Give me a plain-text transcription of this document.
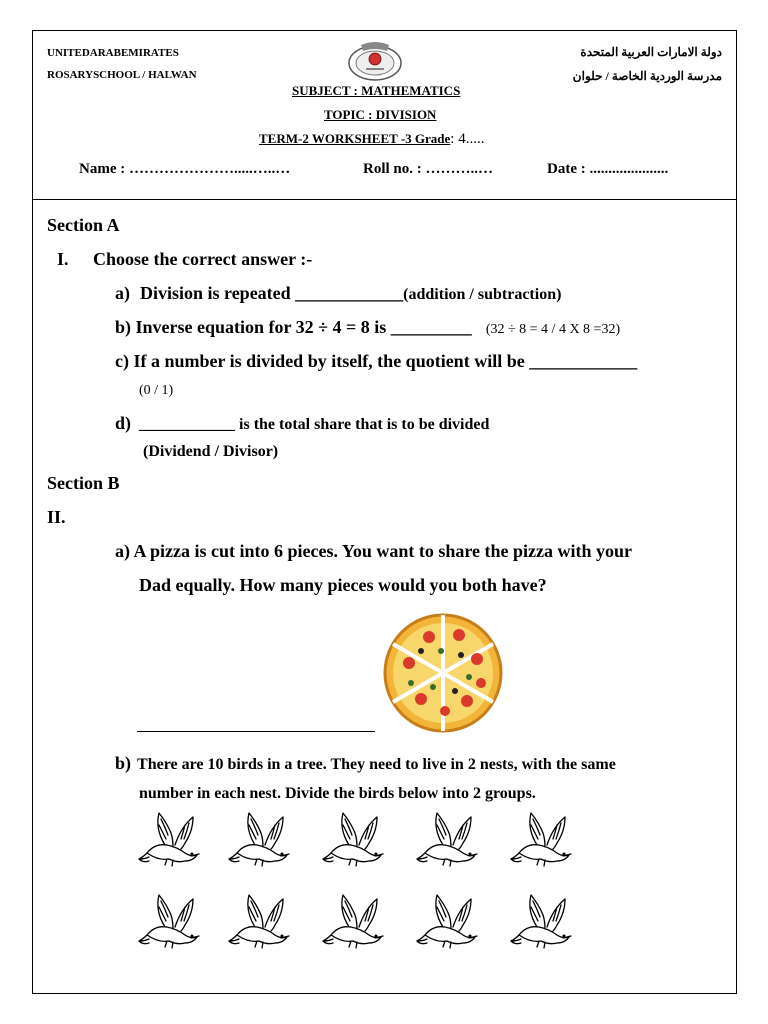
UNITEDARABEMIRATES
ROSARYSCHOOL / HALWAN
دولة الامارات العربية المتحدة
مدرسة الوردية الخاصة / حلوان
SUBJECT : MATHEMATICS
TOPIC : DIVISION
TERM-2 WORKSHEET -3 Grade: 4.....
Name : ………………….....…..…	Roll no. : ………..…	Date : .....................
Section A
I. Choose the correct answer :-
a) Division is repeated ____________(addition / subtraction)
b) Inverse equation for 32 ÷ 4 = 8 is _________ (32 ÷ 8 = 4 / 4 X 8 =32)
c) If a number is divided by itself, the quotient will be ____________
(0 / 1)
d) ____________ is the total share that is to be divided
(Dividend / Divisor)
Section B
II.
a) A pizza is cut into 6 pieces. You want to share the pizza with your
Dad equally. How many pieces would you both have?
b) There are 10 birds in a tree. They need to live in 2 nests, with the same
number in each nest. Divide the birds below into 2 groups.
